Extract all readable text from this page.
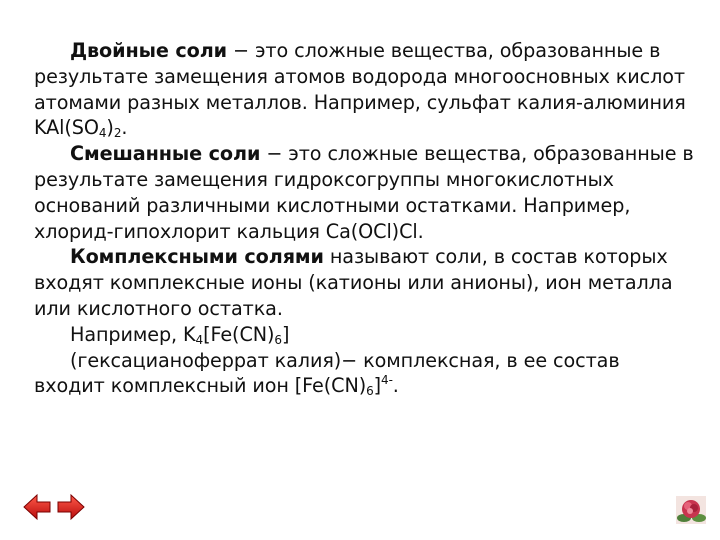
Двойные соли − это сложные вещества, образованные в результате замещения атомов водорода многоосновных кислот атомами разных металлов. Например, сульфат калия-алюминия $KAl(SO_4)_2$.

Смешанные соли − это сложные вещества, образованные в результате замещения гидроксогруппы многокислотных оснований различными кислотными остатками. Например, хлорид-гипохлорит кальция Ca(OCl)Cl.

Комплексными солями называют соли, в состав которых входят комплексные ионы (катионы или анионы), ион металла или кислотного остатка.

Например, $K_4[Fe(CN)_6]$

(гексацианоферрат калия)− комплексная, в ее состав входит комплексный ион $[Fe(CN)_6]^{4-}$.
